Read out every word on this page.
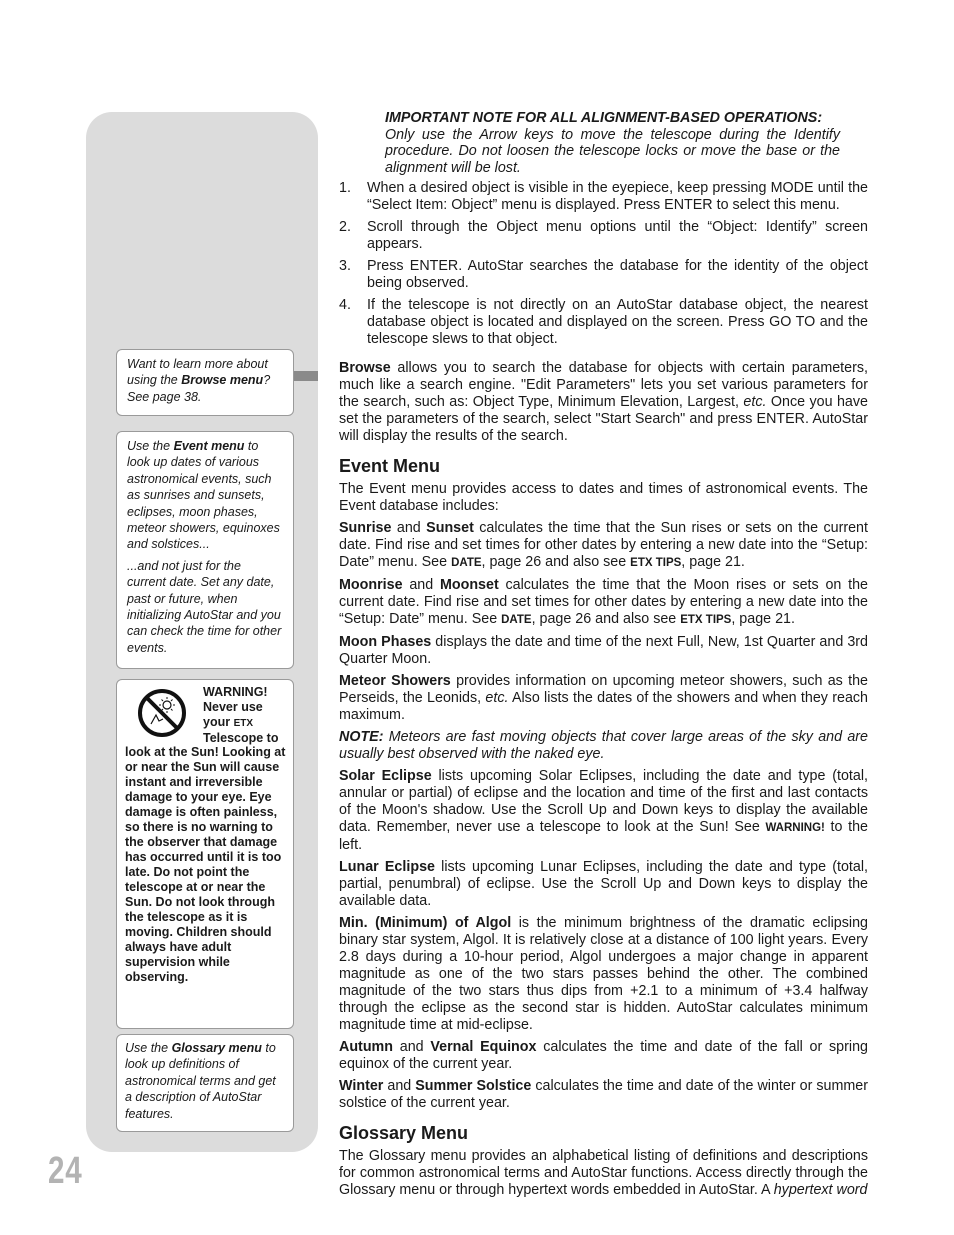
Want to learn more about using the Browse menu? See page 38.

Use the Event menu to look up dates of various astronomical events, such as sunrises and sunsets, eclipses, moon phases, meteor showers, equinoxes and solstices...

...and not just for the current date. Set any date, past or future, when initializing AutoStar and you can check the time for other events.

WARNING! Never use your ETX Telescope to
look at the Sun! Looking at or near the Sun will cause instant and irreversible damage to your eye. Eye damage is often painless, so there is no warning to the observer that damage has occurred until it is too late. Do not point the telescope at or near the Sun. Do not look through the telescope as it is moving. Children should always have adult supervision while observing.

Use the Glossary menu to look up definitions of astronomical terms and get a description of AutoStar features.

24
IMPORTANT NOTE FOR ALL ALIGNMENT-BASED OPERATIONS:
Only use the Arrow keys to move the telescope during the Identify procedure. Do not loosen the telescope locks or move the base or the alignment will be lost.
1. When a desired object is visible in the eyepiece, keep pressing MODE until the “Select Item: Object” menu is displayed. Press ENTER to select this menu.
2. Scroll through the Object menu options until the “Object: Identify” screen appears.
3. Press ENTER. AutoStar searches the database for the identity of the object being observed.
4. If the telescope is not directly on an AutoStar database object, the nearest database object is located and displayed on the screen. Press GO TO and the telescope slews to that object.

Browse allows you to search the database for objects with certain parameters, much like a search engine. "Edit Parameters" lets you set various parameters for the search, such as: Object Type, Minimum Elevation, Largest, etc. Once you have set the parameters of the search, select "Start Search" and press ENTER. AutoStar will display the results of the search.

Event Menu

The Event menu provides access to dates and times of astronomical events. The Event database includes:

Sunrise and Sunset calculates the time that the Sun rises or sets on the current date. Find rise and set times for other dates by entering a new date into the “Setup: Date” menu. See DATE, page 26 and also see ETX TIPS, page 21.

Moonrise and Moonset calculates the time that the Moon rises or sets on the current date. Find rise and set times for other dates by entering a new date into the “Setup: Date” menu. See DATE, page 26 and also see ETX TIPS, page 21.

Moon Phases displays the date and time of the next Full, New, 1st Quarter and 3rd Quarter Moon.

Meteor Showers provides information on upcoming meteor showers, such as the Perseids, the Leonids, etc. Also lists the dates of the showers and when they reach maximum.

NOTE: Meteors are fast moving objects that cover large areas of the sky and are usually best observed with the naked eye.

Solar Eclipse lists upcoming Solar Eclipses, including the date and type (total, annular or partial) of eclipse and the location and time of the first and last contacts of the Moon's shadow. Use the Scroll Up and Down keys to display the available data. Remember, never use a telescope to look at the Sun! See WARNING! to the left.

Lunar Eclipse lists upcoming Lunar Eclipses, including the date and type (total, partial, penumbral) of eclipse. Use the Scroll Up and Down keys to display the available data.

Min. (Minimum) of Algol is the minimum brightness of the dramatic eclipsing binary star system, Algol. It is relatively close at a distance of 100 light years. Every 2.8 days during a 10-hour period, Algol undergoes a major change in apparent magnitude as one of the two stars passes behind the other. The combined magnitude of the two stars thus dips from +2.1 to a minimum of +3.4 halfway through the eclipse as the second star is hidden. AutoStar calculates minimum magnitude time at mid-eclipse.

Autumn and Vernal Equinox calculates the time and date of the fall or spring equinox of the current year.

Winter and Summer Solstice calculates the time and date of the winter or summer solstice of the current year.

Glossary Menu

The Glossary menu provides an alphabetical listing of definitions and descriptions for common astronomical terms and AutoStar functions. Access directly through the Glossary menu or through hypertext words embedded in AutoStar. A hypertext word
